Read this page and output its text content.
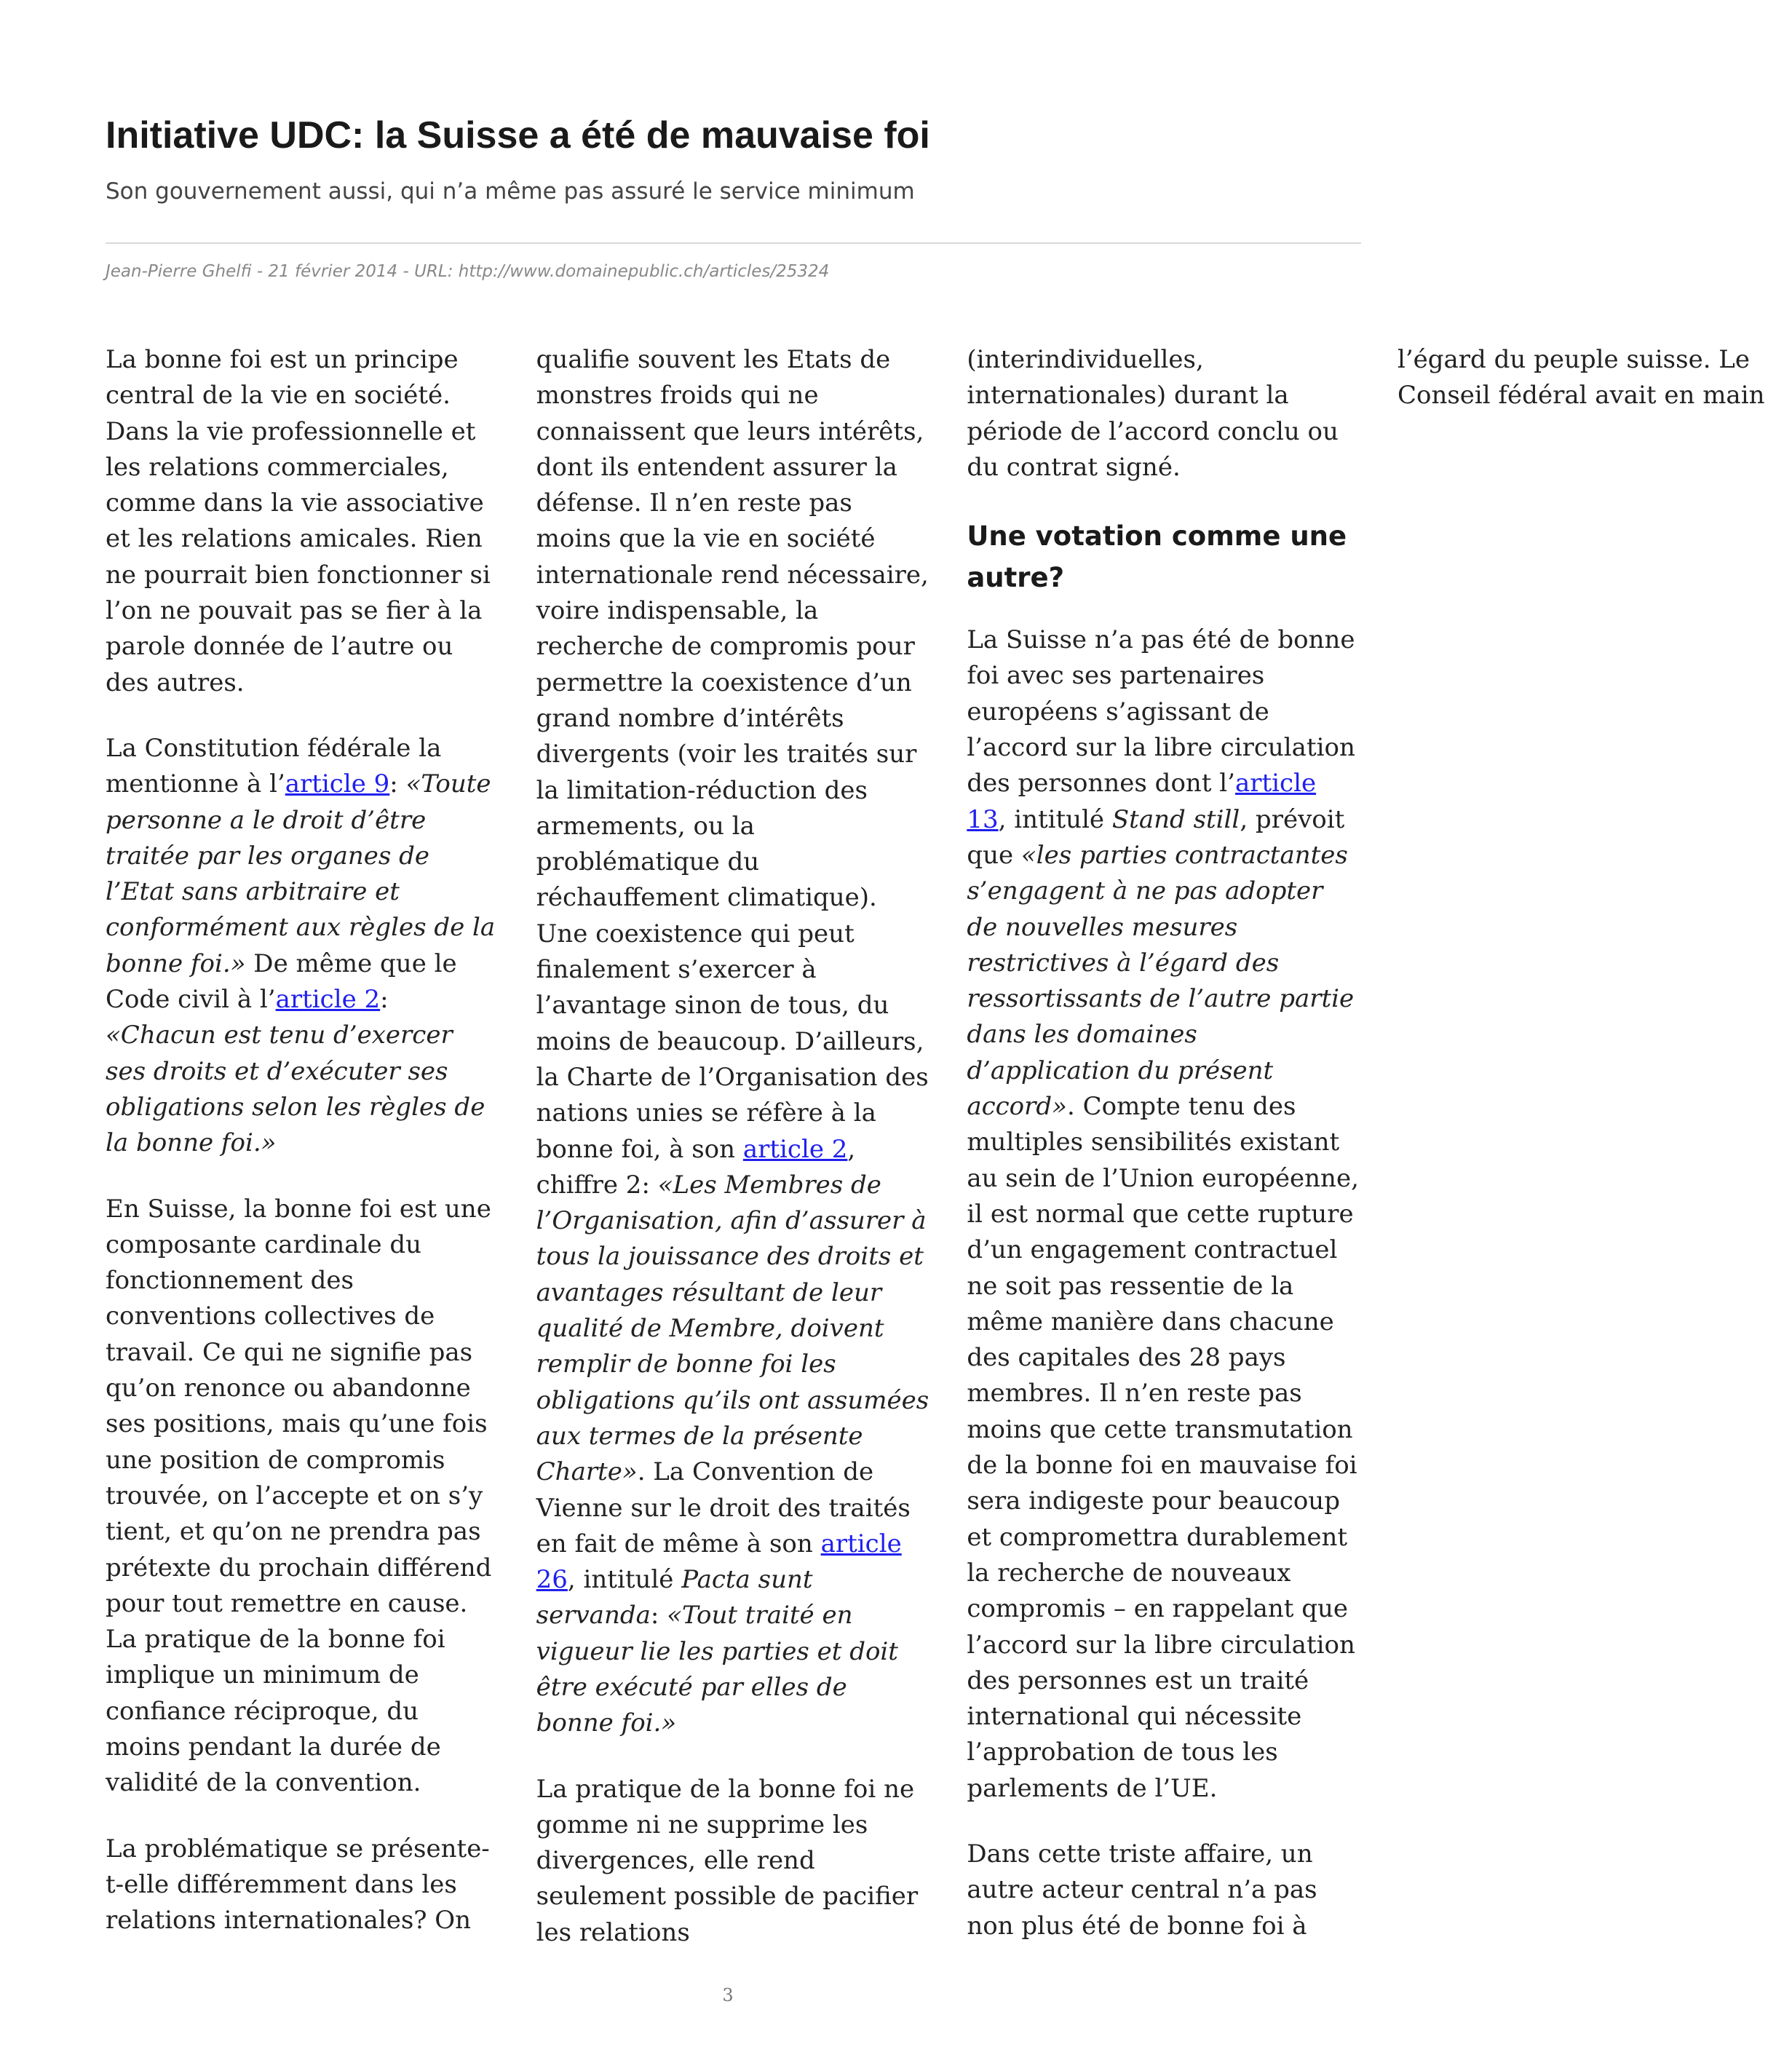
Initiative UDC: la Suisse a été de mauvaise foi

Son gouvernement aussi, qui n’a même pas assuré le service minimum

Jean-Pierre Ghelfi - 21 février 2014 - URL: http://www.domainepublic.ch/articles/25324

La bonne foi est un principe central de la vie en société. Dans la vie professionnelle et les relations commerciales, comme dans la vie associative et les relations amicales. Rien ne pourrait bien fonctionner si l’on ne pouvait pas se fier à la parole donnée de l’autre ou des autres.

La Constitution fédérale la mentionne à l’article 9: «Toute personne a le droit d’être traitée par les organes de l’Etat sans arbitraire et conformément aux règles de la bonne foi.» De même que le Code civil à l’article 2: «Chacun est tenu d’exercer ses droits et d’exécuter ses obligations selon les règles de la bonne foi.»

En Suisse, la bonne foi est une composante cardinale du fonctionnement des conventions collectives de travail. Ce qui ne signifie pas qu’on renonce ou abandonne ses positions, mais qu’une fois une position de compromis trouvée, on l’accepte et on s’y tient, et qu’on ne prendra pas prétexte du prochain différend pour tout remettre en cause. La pratique de la bonne foi implique un minimum de confiance réciproque, du moins pendant la durée de validité de la convention.

La problématique se présente-t-elle différemment dans les relations internationales? On qualifie souvent les Etats de monstres froids qui ne connaissent que leurs intérêts, dont ils entendent assurer la défense. Il n’en reste pas moins que la vie en société internationale rend nécessaire, voire indispensable, la recherche de compromis pour permettre la coexistence d’un grand nombre d’intérêts divergents (voir les traités sur la limitation-réduction des armements, ou la problématique du réchauffement climatique). Une coexistence qui peut finalement s’exercer à l’avantage sinon de tous, du moins de beaucoup. D’ailleurs, la Charte de l’Organisation des nations unies se réfère à la bonne foi, à son article 2, chiffre 2: «Les Membres de l’Organisation, afin d’assurer à tous la jouissance des droits et avantages résultant de leur qualité de Membre, doivent remplir de bonne foi les obligations qu’ils ont assumées aux termes de la présente Charte». La Convention de Vienne sur le droit des traités en fait de même à son article 26, intitulé Pacta sunt servanda: «Tout traité en vigueur lie les parties et doit être exécuté par elles de bonne foi.»

La pratique de la bonne foi ne gomme ni ne supprime les divergences, elle rend seulement possible de pacifier les relations (interindividuelles, internationales) durant la période de l’accord conclu ou du contrat signé.

Une votation comme une autre?

La Suisse n’a pas été de bonne foi avec ses partenaires européens s’agissant de l’accord sur la libre circulation des personnes dont l’article 13, intitulé Stand still, prévoit que «les parties contractantes s’engagent à ne pas adopter de nouvelles mesures restrictives à l’égard des ressortissants de l’autre partie dans les domaines d’application du présent accord». Compte tenu des multiples sensibilités existant au sein de l’Union européenne, il est normal que cette rupture d’un engagement contractuel ne soit pas ressentie de la même manière dans chacune des capitales des 28 pays membres. Il n’en reste pas moins que cette transmutation de la bonne foi en mauvaise foi sera indigeste pour beaucoup et compromettra durablement la recherche de nouveaux compromis – en rappelant que l’accord sur la libre circulation des personnes est un traité international qui nécessite l’approbation de tous les parlements de l’UE.

Dans cette triste affaire, un autre acteur central n’a pas non plus été de bonne foi à l’égard du peuple suisse. Le Conseil fédéral avait en main

3
